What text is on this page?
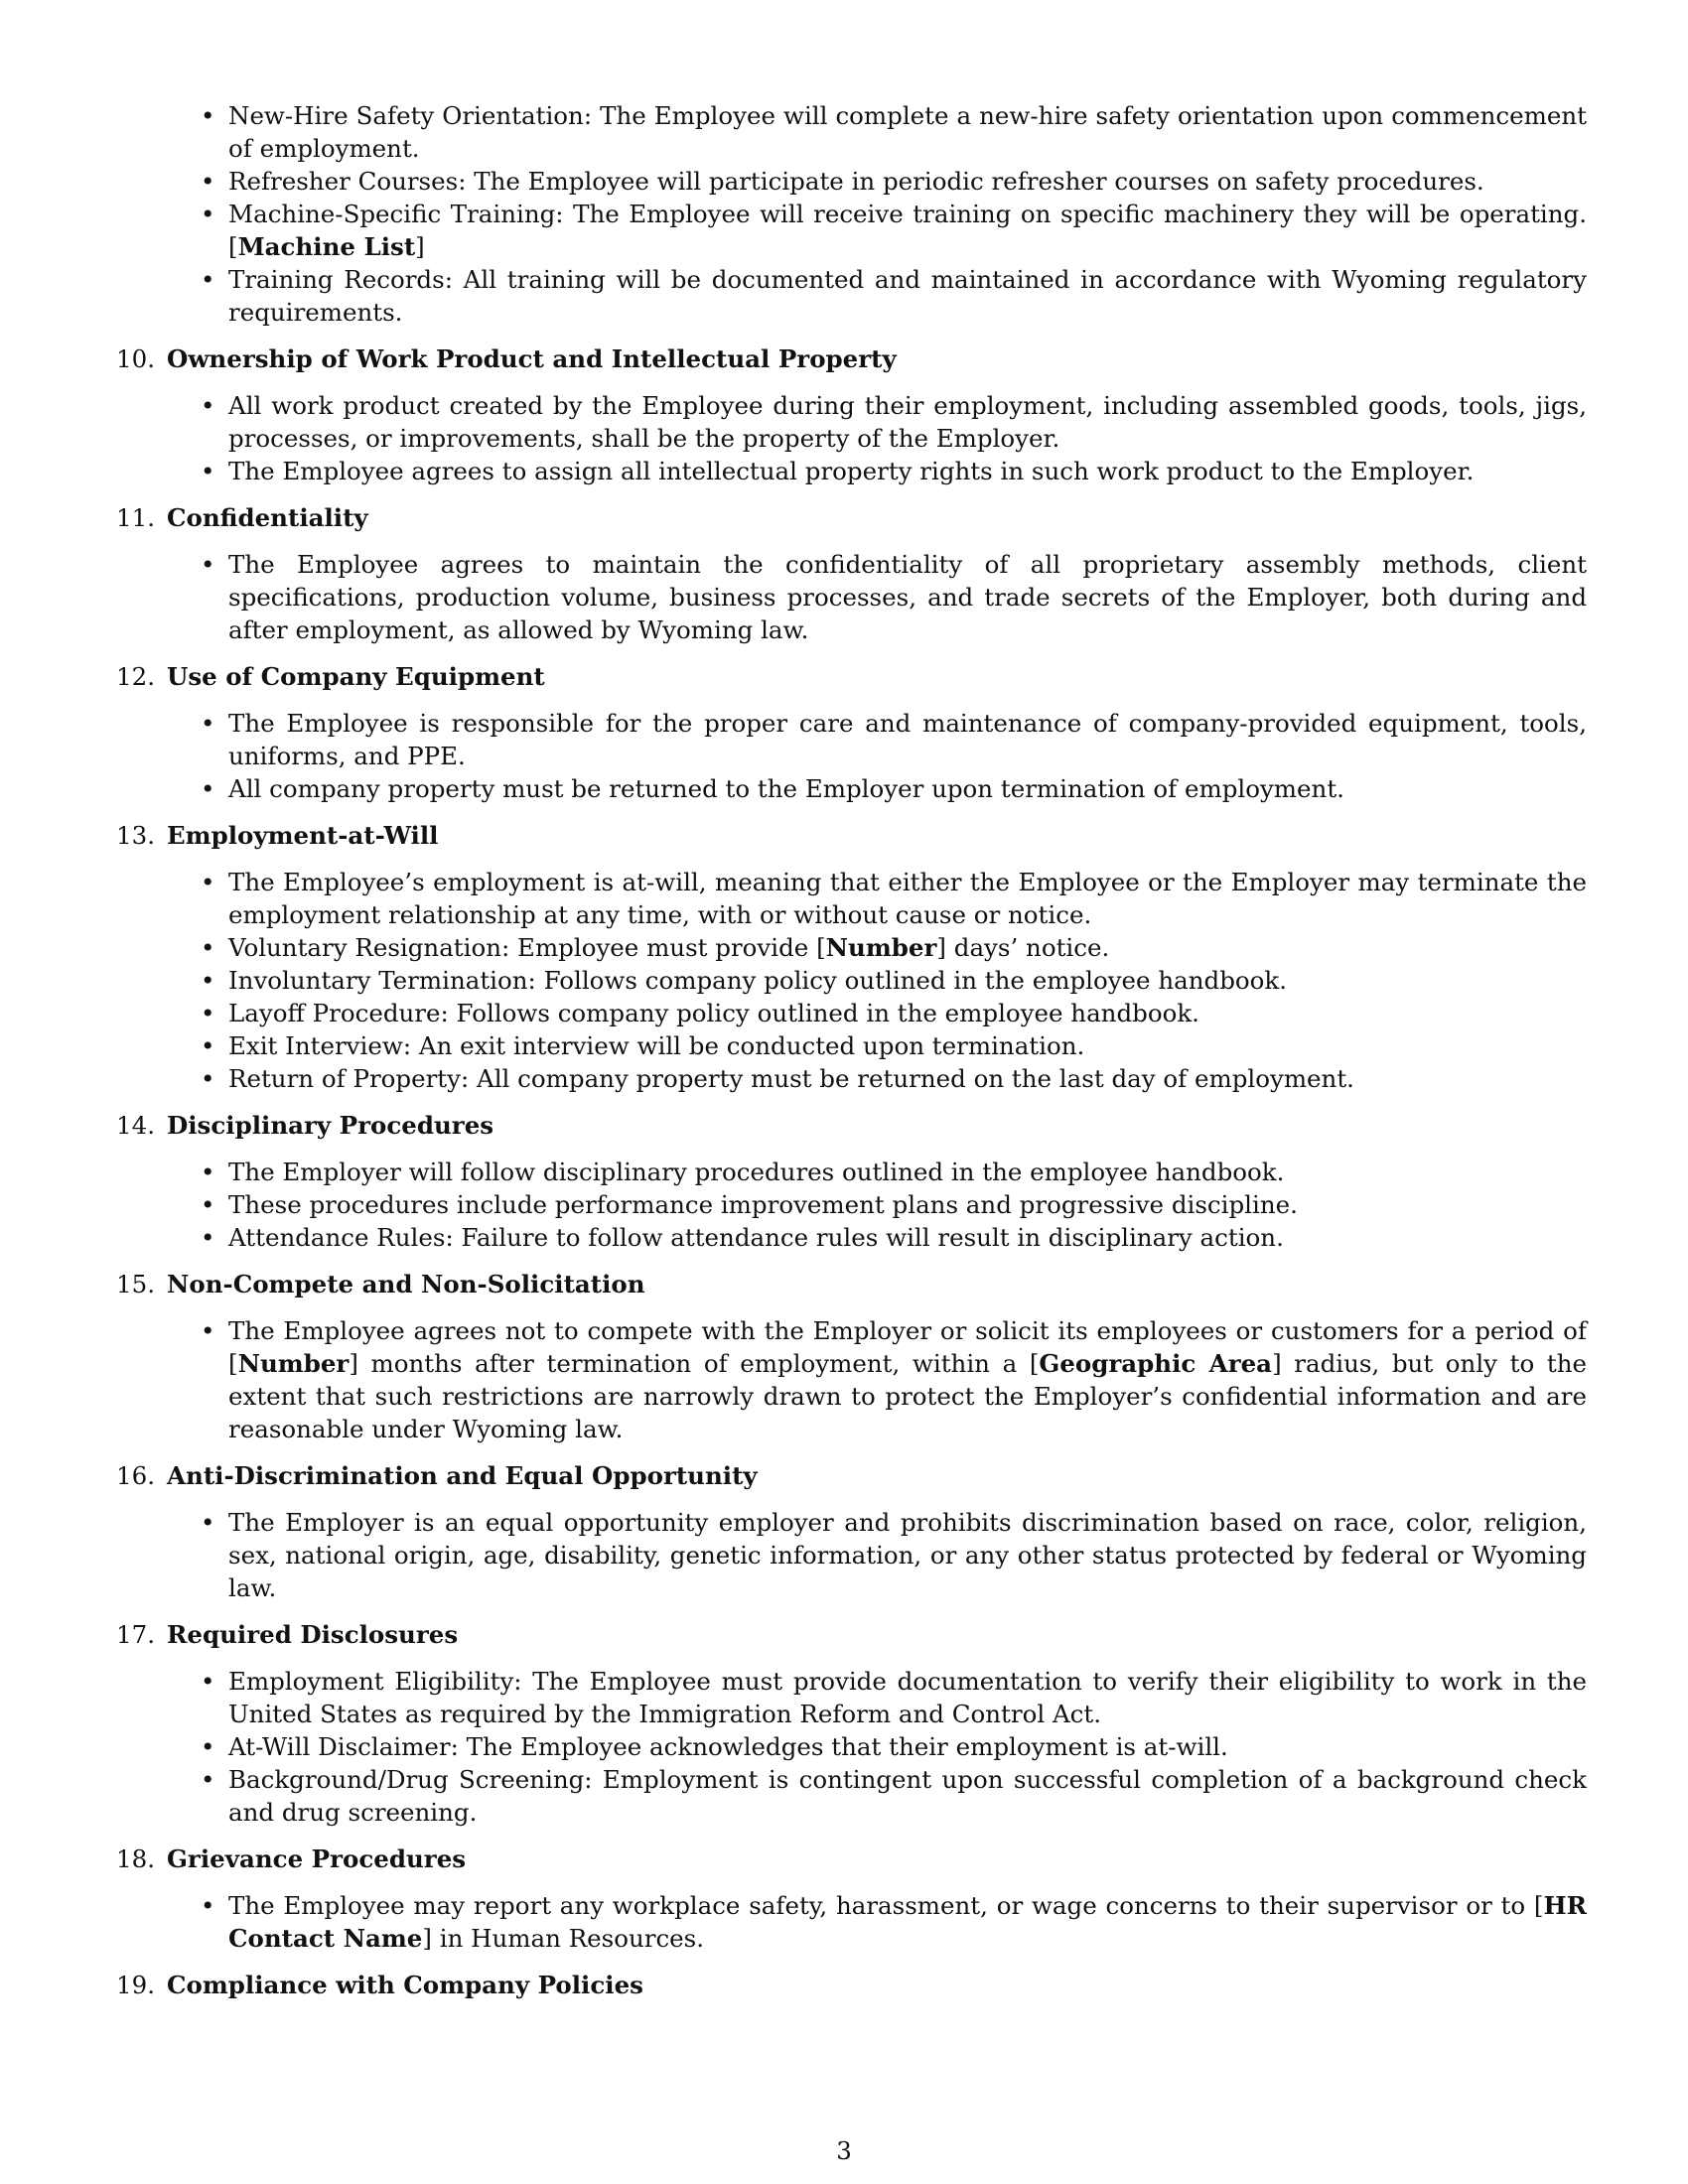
• New-Hire Safety Orientation: The Employee will complete a new-hire safety orientation upon commencement of employment.
• Refresher Courses: The Employee will participate in periodic refresher courses on safety procedures.
• Machine-Specific Training: The Employee will receive training on specific machinery they will be operating. [Machine List]
• Training Records: All training will be documented and maintained in accordance with Wyoming regulatory requirements.
10. Ownership of Work Product and Intellectual Property
• All work product created by the Employee during their employment, including assembled goods, tools, jigs, processes, or improvements, shall be the property of the Employer.
• The Employee agrees to assign all intellectual property rights in such work product to the Employer.
11. Confidentiality
• The Employee agrees to maintain the confidentiality of all proprietary assembly methods, client specifications, production volume, business processes, and trade secrets of the Employer, both during and after employment, as allowed by Wyoming law.
12. Use of Company Equipment
• The Employee is responsible for the proper care and maintenance of company-provided equipment, tools, uniforms, and PPE.
• All company property must be returned to the Employer upon termination of employment.
13. Employment-at-Will
• The Employee’s employment is at-will, meaning that either the Employee or the Employer may terminate the employment relationship at any time, with or without cause or notice.
• Voluntary Resignation: Employee must provide [Number] days’ notice.
• Involuntary Termination: Follows company policy outlined in the employee handbook.
• Layoff Procedure: Follows company policy outlined in the employee handbook.
• Exit Interview: An exit interview will be conducted upon termination.
• Return of Property: All company property must be returned on the last day of employment.
14. Disciplinary Procedures
• The Employer will follow disciplinary procedures outlined in the employee handbook.
• These procedures include performance improvement plans and progressive discipline.
• Attendance Rules: Failure to follow attendance rules will result in disciplinary action.
15. Non-Compete and Non-Solicitation
• The Employee agrees not to compete with the Employer or solicit its employees or customers for a period of [Number] months after termination of employment, within a [Geographic Area] radius, but only to the extent that such restrictions are narrowly drawn to protect the Employer’s confidential information and are reasonable under Wyoming law.
16. Anti-Discrimination and Equal Opportunity
• The Employer is an equal opportunity employer and prohibits discrimination based on race, color, religion, sex, national origin, age, disability, genetic information, or any other status protected by federal or Wyoming law.
17. Required Disclosures
• Employment Eligibility: The Employee must provide documentation to verify their eligibility to work in the United States as required by the Immigration Reform and Control Act.
• At-Will Disclaimer: The Employee acknowledges that their employment is at-will.
• Background/Drug Screening: Employment is contingent upon successful completion of a background check and drug screening.
18. Grievance Procedures
• The Employee may report any workplace safety, harassment, or wage concerns to their supervisor or to [HR Contact Name] in Human Resources.
19. Compliance with Company Policies
3
